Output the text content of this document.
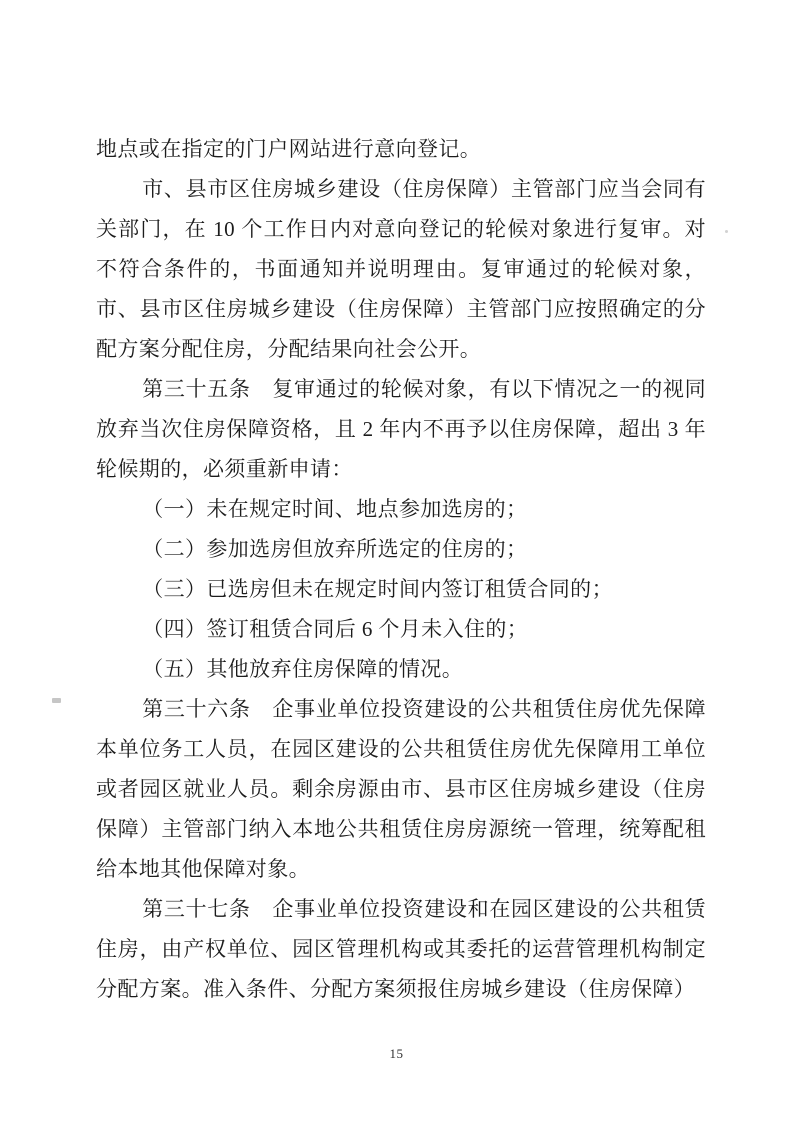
地点或在指定的门户网站进行意向登记。

市、县市区住房城乡建设（住房保障）主管部门应当会同有关部门，在 10 个工作日内对意向登记的轮候对象进行复审。对不符合条件的，书面通知并说明理由。复审通过的轮候对象，市、县市区住房城乡建设（住房保障）主管部门应按照确定的分配方案分配住房，分配结果向社会公开。

第三十五条　复审通过的轮候对象，有以下情况之一的视同放弃当次住房保障资格，且 2 年内不再予以住房保障，超出 3 年轮候期的，必须重新申请：

（一）未在规定时间、地点参加选房的；

（二）参加选房但放弃所选定的住房的；

（三）已选房但未在规定时间内签订租赁合同的；

（四）签订租赁合同后 6 个月未入住的；

（五）其他放弃住房保障的情况。

第三十六条　企事业单位投资建设的公共租赁住房优先保障本单位务工人员，在园区建设的公共租赁住房优先保障用工单位或者园区就业人员。剩余房源由市、县市区住房城乡建设（住房保障）主管部门纳入本地公共租赁住房房源统一管理，统筹配租给本地其他保障对象。

第三十七条　企事业单位投资建设和在园区建设的公共租赁住房，由产权单位、园区管理机构或其委托的运营管理机构制定分配方案。准入条件、分配方案须报住房城乡建设（住房保障）

15
